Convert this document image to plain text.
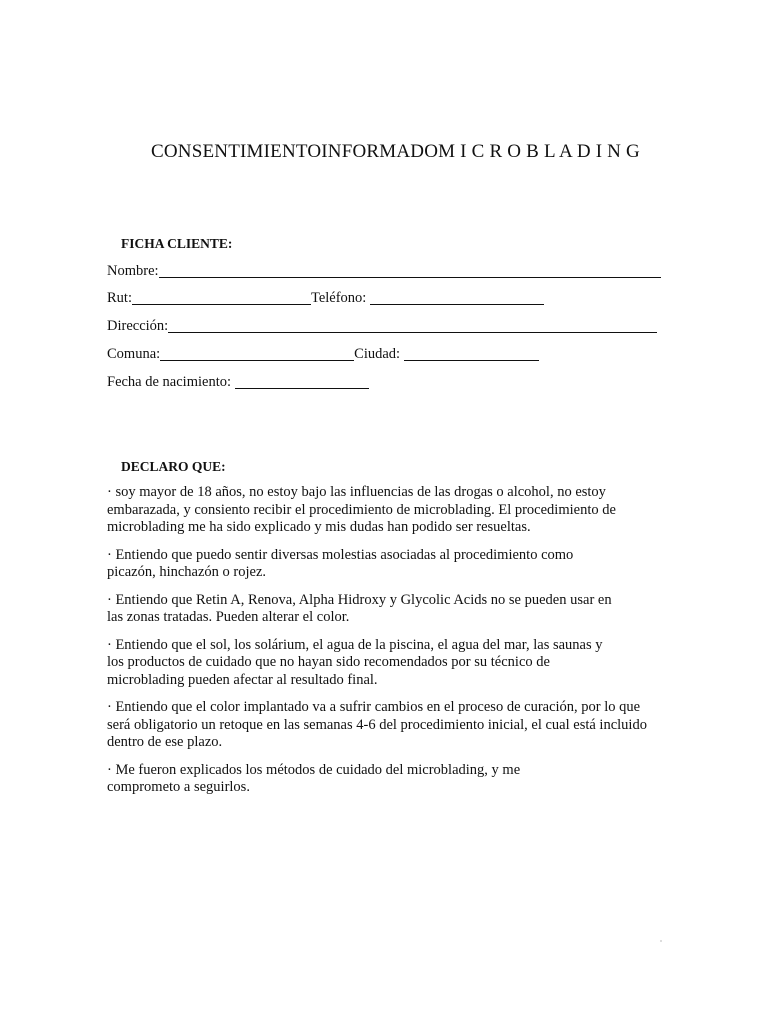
CONSENTIMIENTOINFORMADOM I C R O B L A D I N G
FICHA CLIENTE:
Nombre:
Rut:	Teléfono:
Dirección:
Comuna:	Ciudad:
Fecha de nacimiento:
DECLARO QUE:

· soy mayor de 18 años, no estoy bajo las influencias de las drogas o alcohol, no estoy embarazada, y consiento recibir el procedimiento de microblading. El procedimiento de microblading me ha sido explicado y mis dudas han podido ser resueltas.

· Entiendo que puedo sentir diversas molestias asociadas al procedimiento como picazón, hinchazón o rojez.

· Entiendo que Retin A, Renova, Alpha Hidroxy y Glycolic Acids no se pueden usar en las zonas tratadas. Pueden alterar el color.

· Entiendo que el sol, los solárium, el agua de la piscina, el agua del mar, las saunas y los productos de cuidado que no hayan sido recomendados por su técnico de microblading pueden afectar al resultado final.

· Entiendo que el color implantado va a sufrir cambios en el proceso de curación, por lo que será obligatorio un retoque en las semanas 4-6 del procedimiento inicial, el cual está incluido dentro de ese plazo.

· Me fueron explicados los métodos de cuidado del microblading, y me comprometo a seguirlos.
